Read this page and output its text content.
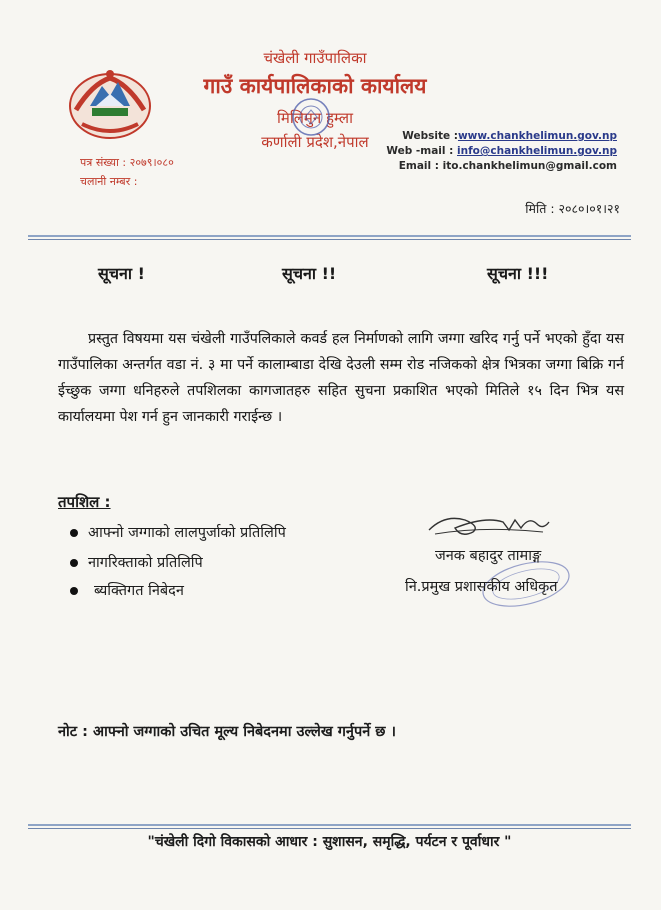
चंखेली गाउँपालिका
गाउँ कार्यपालिकाको कार्यालय
मिलिमुन हुम्ला
कर्णाली प्रदेश,नेपाल
पत्र संख्या : २०७९।०८०
चलानी नम्बर :
Website :www.chankhelimun.gov.np
Web -mail : info@chankhelimun.gov.np
Email : ito.chankhelimun@gmail.com
मिति : २०८०।०१।२१
सूचना !	सूचना !!	सूचना !!!
प्रस्तुत विषयमा यस चंखेली गाउँपलिकाले कवर्ड हल निर्माणको लागि जग्गा खरिद गर्नु पर्ने भएको हुँदा यस गाउँपालिका अन्तर्गत वडा नं. ३ मा पर्ने कालाम्बाडा देखि देउली सम्म रोड नजिकको क्षेत्र भित्रका जग्गा बिक्रि गर्न ईच्छुक जग्गा धनिहरुले तपशिलका कागजातहरु सहित सुचना प्रकाशित भएको मितिले १५ दिन भित्र यस कार्यालयमा पेश गर्न हुन जानकारी गराईन्छ ।
तपशिल :
आफ्नो जग्गाको लालपुर्जाको प्रतिलिपि
नागरिक्ताको प्रतिलिपि
ब्यक्तिगत निबेदन
जनक बहादुर तामाङ्ग
नि.प्रमुख प्रशासकीय अधिकृत
नोट : आफ्नो जग्गाको उचित मूल्य निबेदनमा उल्लेख गर्नुपर्ने छ ।
"चंखेली दिगो विकासको आधार : सुशासन, समृद्धि, पर्यटन र पूर्वाधार "
